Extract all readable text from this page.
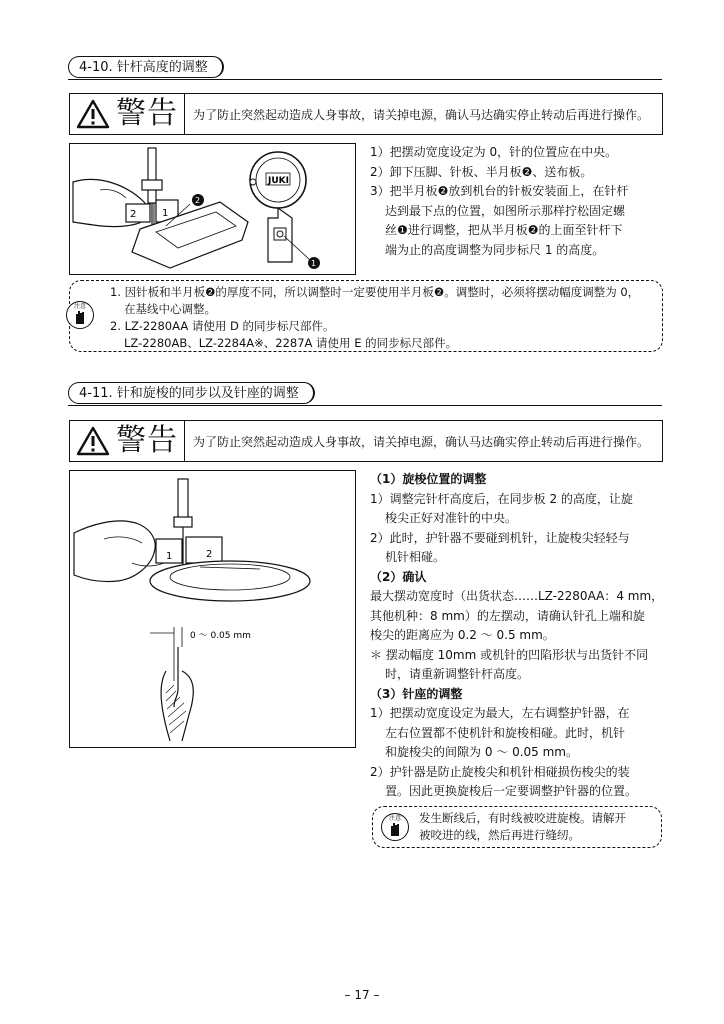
4-10. 针杆高度的调整
警告	为了防止突然起动造成人身事故，请关掉电源，确认马达确实停止转动后再进行操作。
2	1
2
JUKI
1

1）把摆动宽度设定为 0，针的位置应在中央。

2）卸下压脚、针板、半月板❷、送布板。

3）把半月板❷放到机台的针板安装面上，在针杆

达到最下点的位置，如图所示那样拧松固定螺

丝❶进行调整，把从半月板❷的上面至针杆下

端为止的高度调整为同步标尺 1 的高度。

注意
1. 因针板和半月板❷的厚度不同，所以调整时一定要使用半月板❷。调整时，必须将摆动幅度调整为 0，
在基线中心调整。
2. LZ-2280AA 请使用 D 的同步标尺部件。
LZ-2280AB、LZ-2284A※、2287A 请使用 E 的同步标尺部件。
4-11. 针和旋梭的同步以及针座的调整
警告	为了防止突然起动造成人身事故，请关掉电源，确认马达确实停止转动后再进行操作。
1	2
0 ～ 0.05 mm

（1）旋梭位置的调整

1）调整完针杆高度后，在同步板 2 的高度，让旋

梭尖正好对准针的中央。

2）此时，护针器不要碰到机针，让旋梭尖轻轻与

机针相碰。

（2）确认

最大摆动宽度时（出货状态……LZ-2280AA：4 mm，

其他机种：8 mm）的左摆动，请确认针孔上端和旋

梭尖的距离应为 0.2 ～ 0.5 mm。

＊ 摆动幅度 10mm 或机针的凹陷形状与出货针不同

时，请重新调整针杆高度。

（3）针座的调整

1）把摆动宽度设定为最大，左右调整护针器，在

左右位置都不使机针和旋梭相碰。此时，机针

和旋梭尖的间隙为 0 ～ 0.05 mm。

2）护针器是防止旋梭尖和机针相碰损伤梭尖的装

置。因此更换旋梭后一定要调整护针器的位置。

注意	发生断线后，有时线被咬进旋梭。请解开
被咬进的线，然后再进行缝纫。
– 17 –
